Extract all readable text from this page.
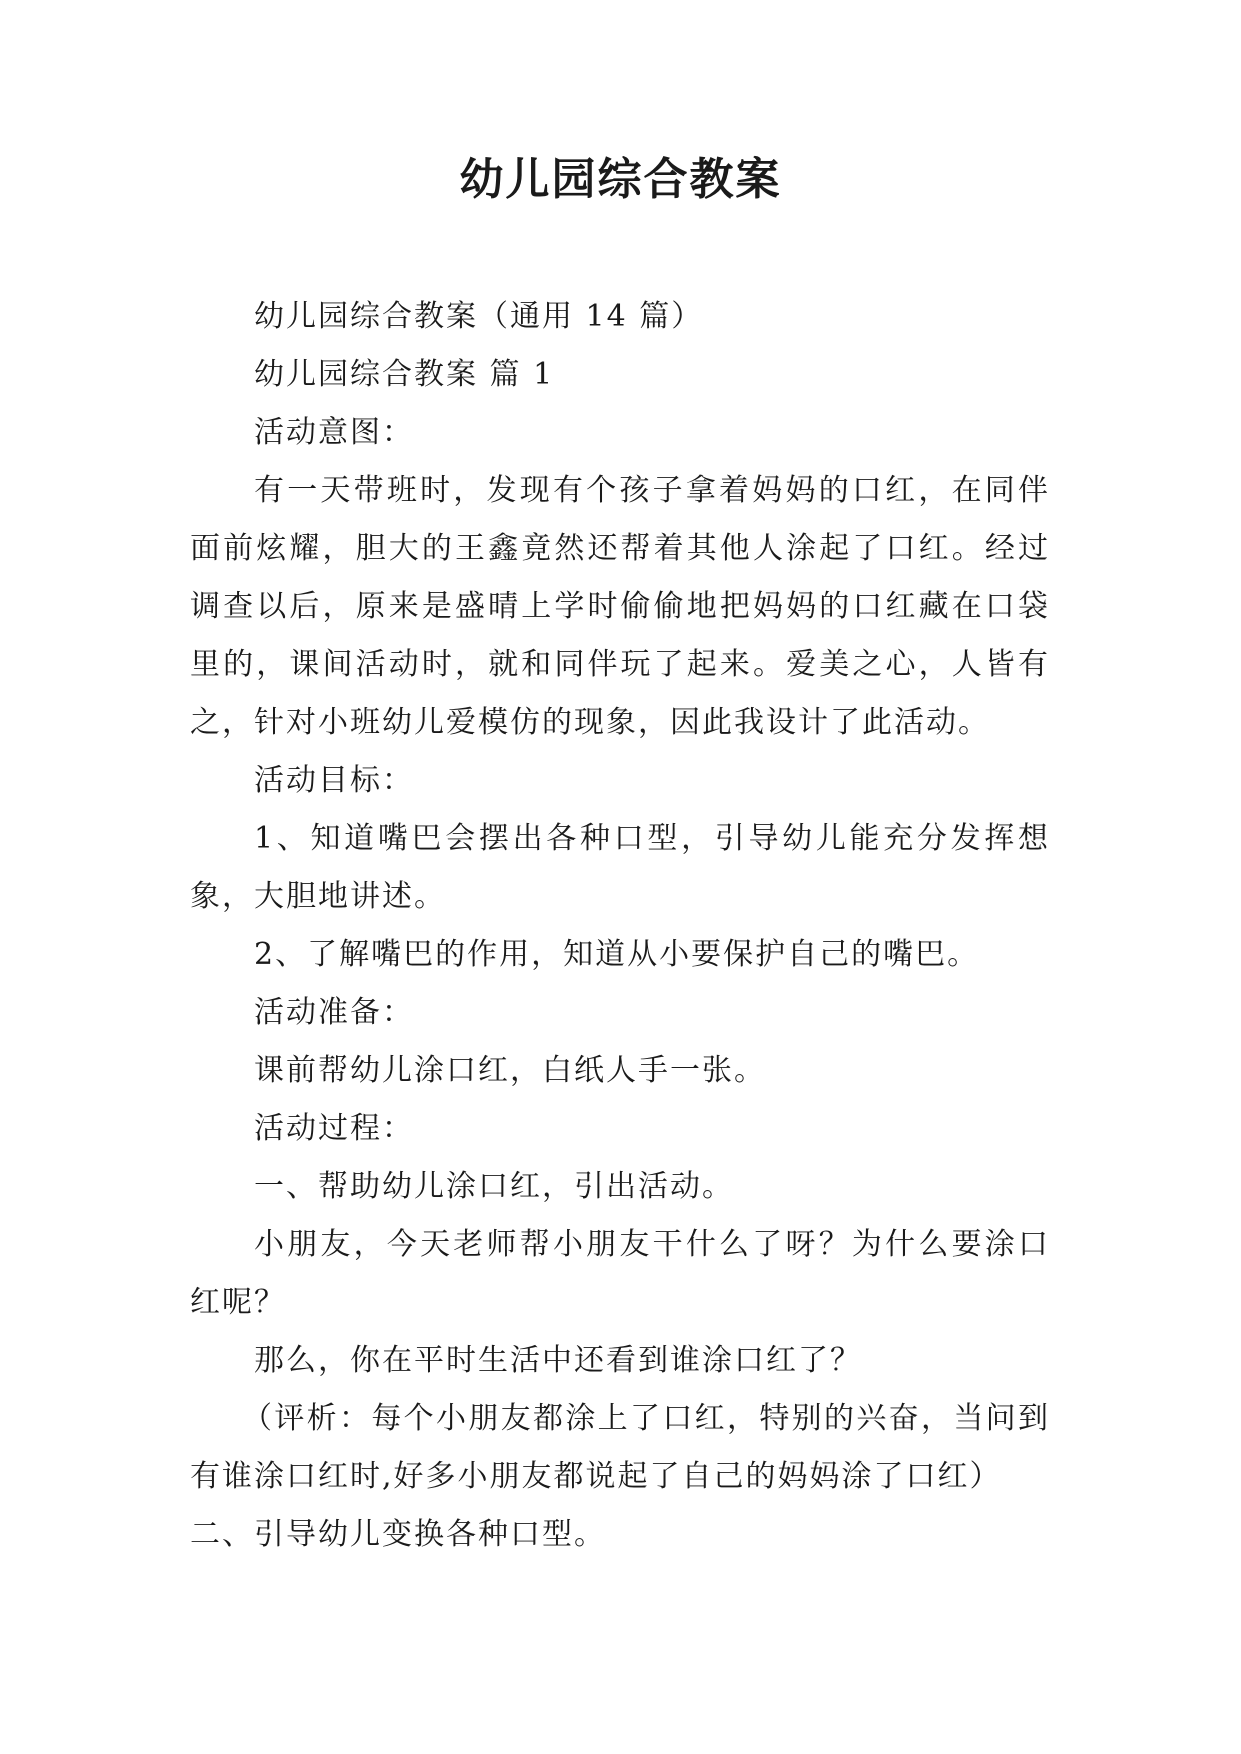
幼儿园综合教案

幼儿园综合教案（通用 14 篇）

幼儿园综合教案 篇 1

活动意图：

有一天带班时，发现有个孩子拿着妈妈的口红，在同伴面前炫耀，胆大的王鑫竟然还帮着其他人涂起了口红。经过调查以后，原来是盛晴上学时偷偷地把妈妈的口红藏在口袋里的，课间活动时，就和同伴玩了起来。爱美之心，人皆有之，针对小班幼儿爱模仿的现象，因此我设计了此活动。

活动目标：

1、知道嘴巴会摆出各种口型，引导幼儿能充分发挥想象，大胆地讲述。

2、了解嘴巴的作用，知道从小要保护自己的嘴巴。

活动准备：

课前帮幼儿涂口红，白纸人手一张。

活动过程：

一、帮助幼儿涂口红，引出活动。

小朋友，今天老师帮小朋友干什么了呀？为什么要涂口红呢？

那么，你在平时生活中还看到谁涂口红了？

（评析：每个小朋友都涂上了口红，特别的兴奋，当问到有谁涂口红时,好多小朋友都说起了自己的妈妈涂了口红）

二、引导幼儿变换各种口型。
